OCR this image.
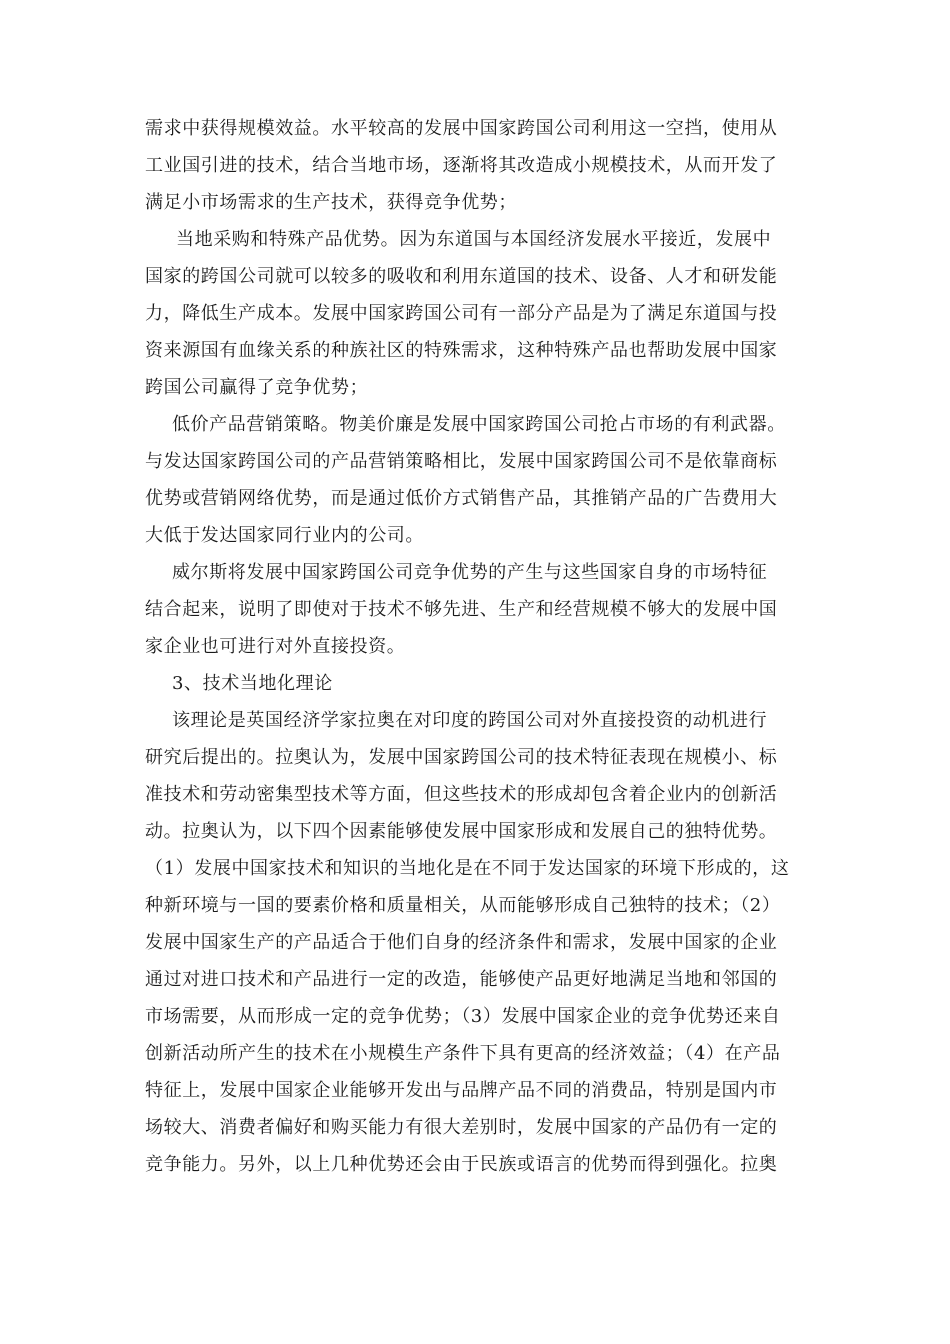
需求中获得规模效益。水平较高的发展中国家跨国公司利用这一空挡，使用从
工业国引进的技术，结合当地市场，逐渐将其改造成小规模技术，从而开发了
满足小市场需求的生产技术，获得竞争优势；
当地采购和特殊产品优势。因为东道国与本国经济发展水平接近，发展中
国家的跨国公司就可以较多的吸收和利用东道国的技术、设备、人才和研发能
力，降低生产成本。发展中国家跨国公司有一部分产品是为了满足东道国与投
资来源国有血缘关系的种族社区的特殊需求，这种特殊产品也帮助发展中国家
跨国公司赢得了竞争优势；
低价产品营销策略。物美价廉是发展中国家跨国公司抢占市场的有利武器。
与发达国家跨国公司的产品营销策略相比，发展中国家跨国公司不是依靠商标
优势或营销网络优势，而是通过低价方式销售产品，其推销产品的广告费用大
大低于发达国家同行业内的公司。
威尔斯将发展中国家跨国公司竞争优势的产生与这些国家自身的市场特征
结合起来，说明了即使对于技术不够先进、生产和经营规模不够大的发展中国
家企业也可进行对外直接投资。
3、技术当地化理论
该理论是英国经济学家拉奥在对印度的跨国公司对外直接投资的动机进行
研究后提出的。拉奥认为，发展中国家跨国公司的技术特征表现在规模小、标
准技术和劳动密集型技术等方面，但这些技术的形成却包含着企业内的创新活
动。拉奥认为，以下四个因素能够使发展中国家形成和发展自己的独特优势。
（1）发展中国家技术和知识的当地化是在不同于发达国家的环境下形成的，这
种新环境与一国的要素价格和质量相关，从而能够形成自己独特的技术；（2）
发展中国家生产的产品适合于他们自身的经济条件和需求，发展中国家的企业
通过对进口技术和产品进行一定的改造，能够使产品更好地满足当地和邻国的
市场需要，从而形成一定的竞争优势；（3）发展中国家企业的竞争优势还来自
创新活动所产生的技术在小规模生产条件下具有更高的经济效益；（4）在产品
特征上，发展中国家企业能够开发出与品牌产品不同的消费品，特别是国内市
场较大、消费者偏好和购买能力有很大差别时，发展中国家的产品仍有一定的
竞争能力。另外，以上几种优势还会由于民族或语言的优势而得到强化。拉奥
